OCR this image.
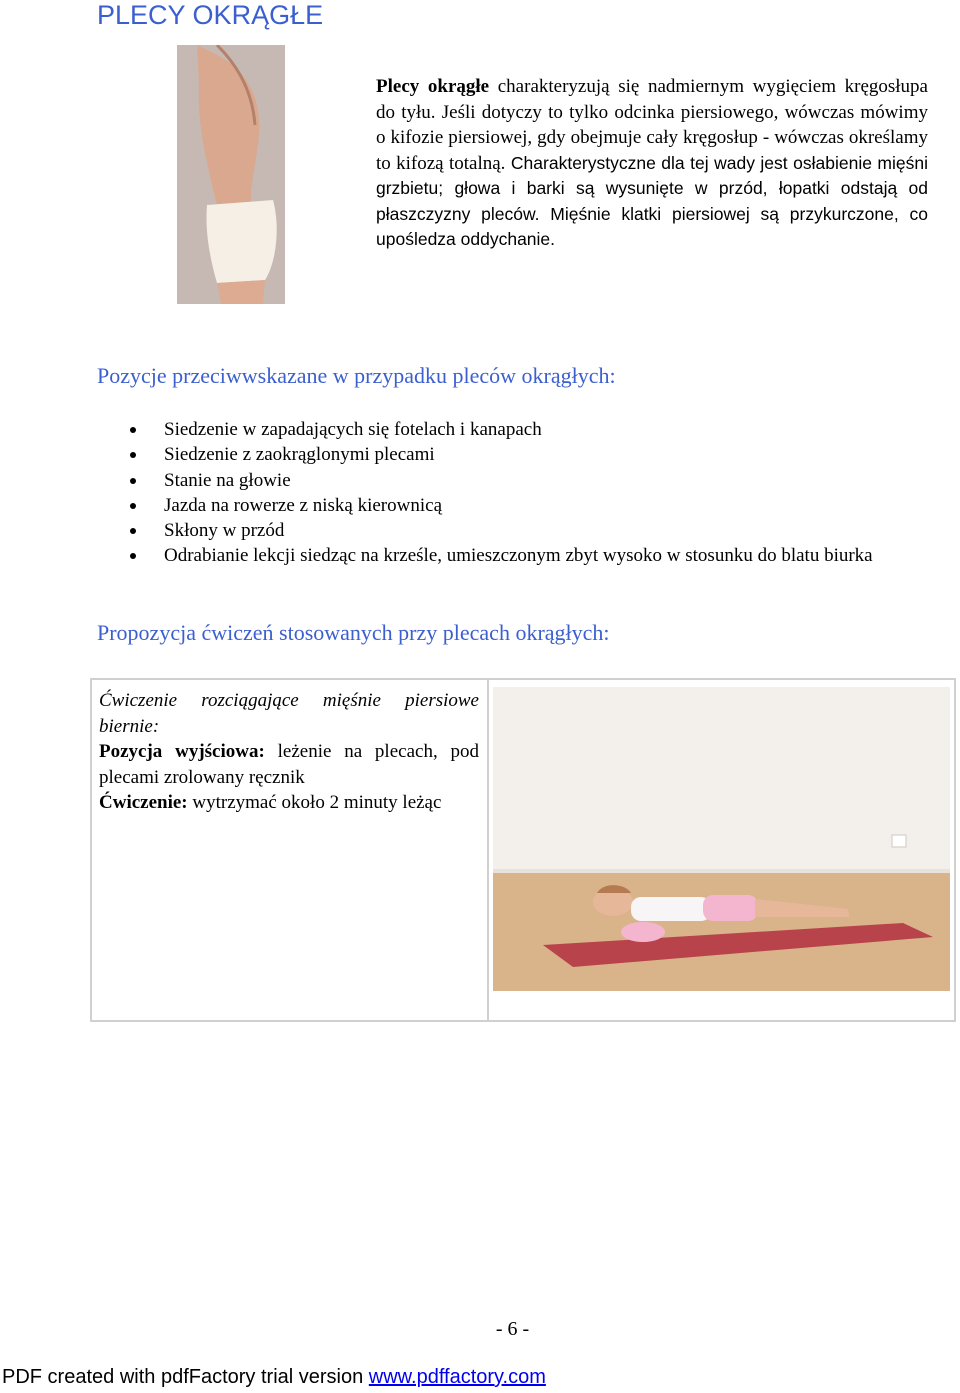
PLECY OKRĄGŁE
Plecy okrągłe charakteryzują się nadmiernym wygięciem kręgosłupa do tyłu. Jeśli dotyczy to tylko odcinka piersiowego, wówczas mówimy o kifozie piersiowej, gdy obejmuje cały kręgosłup - wówczas określamy to kifozą totalną. Charakterystyczne dla tej wady jest osłabienie mięśni grzbietu; głowa i barki są wysunięte w przód, łopatki odstają od płaszczyzny pleców. Mięśnie klatki piersiowej są przykurczone, co upośledza oddychanie.
Pozycje przeciwwskazane w przypadku pleców okrągłych:
Siedzenie w zapadających się fotelach i kanapach
Siedzenie z zaokrąglonymi plecami
Stanie na głowie
Jazda na rowerze z niską kierownicą
Skłony w przód
Odrabianie lekcji siedząc na krześle, umieszczonym zbyt wysoko w stosunku do blatu biurka
Propozycja ćwiczeń stosowanych przy plecach okrągłych:
Ćwiczenie rozciągające mięśnie piersiowe biernie:
Pozycja wyjściowa: leżenie na plecach, pod plecami zrolowany ręcznik
Ćwiczenie: wytrzymać około 2 minuty leżąc
- 6 -
PDF created with pdfFactory trial version www.pdffactory.com
